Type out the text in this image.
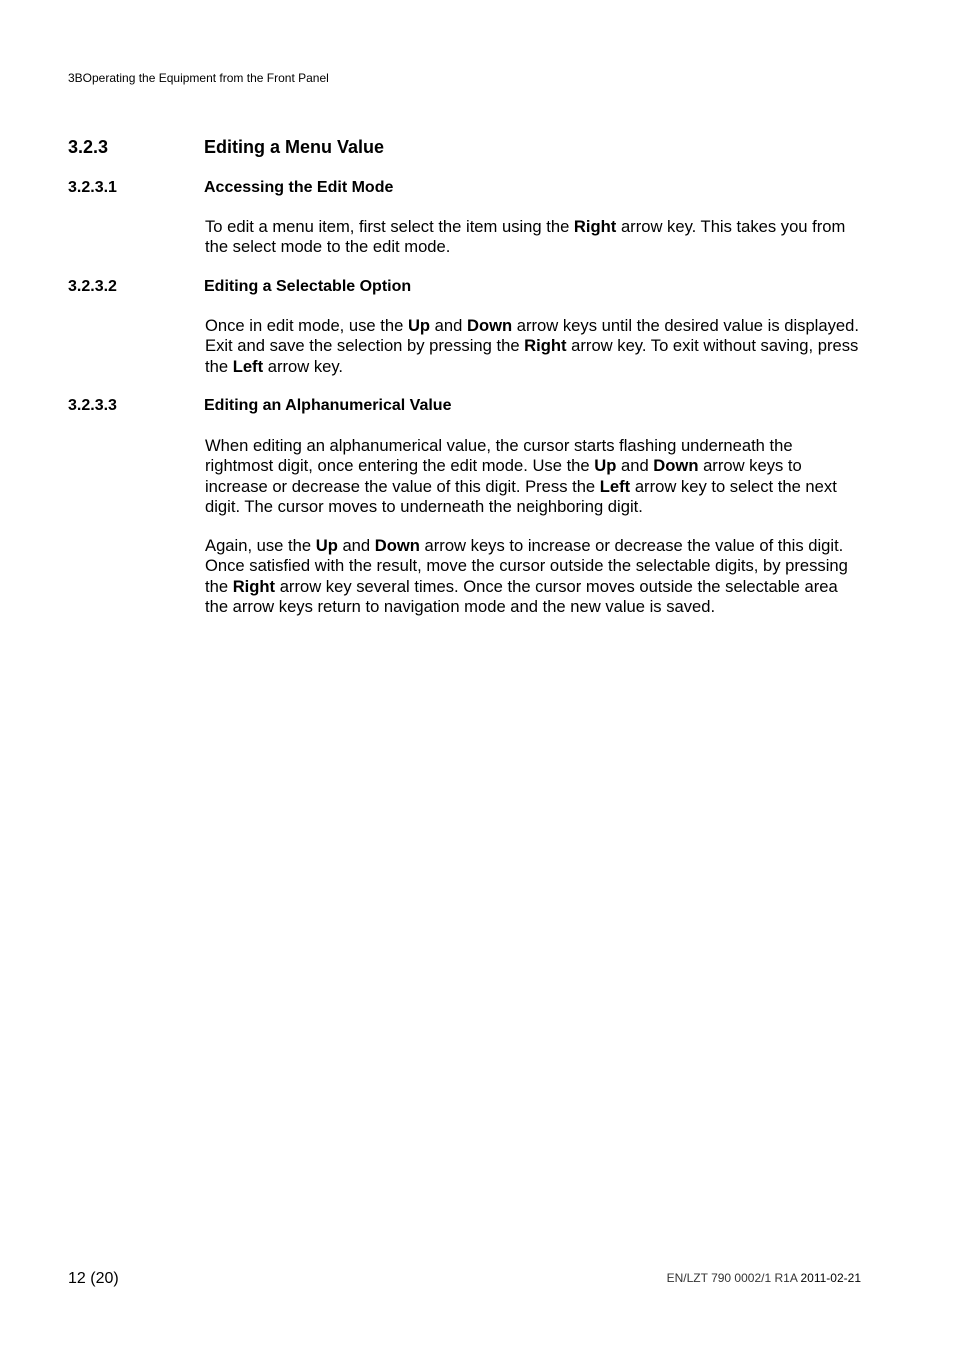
3BOperating the Equipment from the Front Panel
3.2.3	Editing a Menu Value
3.2.3.1	Accessing the Edit Mode
To edit a menu item, first select the item using the Right arrow key. This takes you from the select mode to the edit mode.
3.2.3.2	Editing a Selectable Option
Once in edit mode, use the Up and Down arrow keys until the desired value is displayed. Exit and save the selection by pressing the Right arrow key. To exit without saving, press the Left arrow key.
3.2.3.3	Editing an Alphanumerical Value
When editing an alphanumerical value, the cursor starts flashing underneath the rightmost digit, once entering the edit mode. Use the Up and Down arrow keys to increase or decrease the value of this digit. Press the Left arrow key to select the next digit. The cursor moves to underneath the neighboring digit.
Again, use the Up and Down arrow keys to increase or decrease the value of this digit. Once satisfied with the result, move the cursor outside the selectable digits, by pressing the Right arrow key several times. Once the cursor moves outside the selectable area the arrow keys return to navigation mode and the new value is saved.
12 (20)	EN/LZT 790 0002/1 R1A 2011-02-21
